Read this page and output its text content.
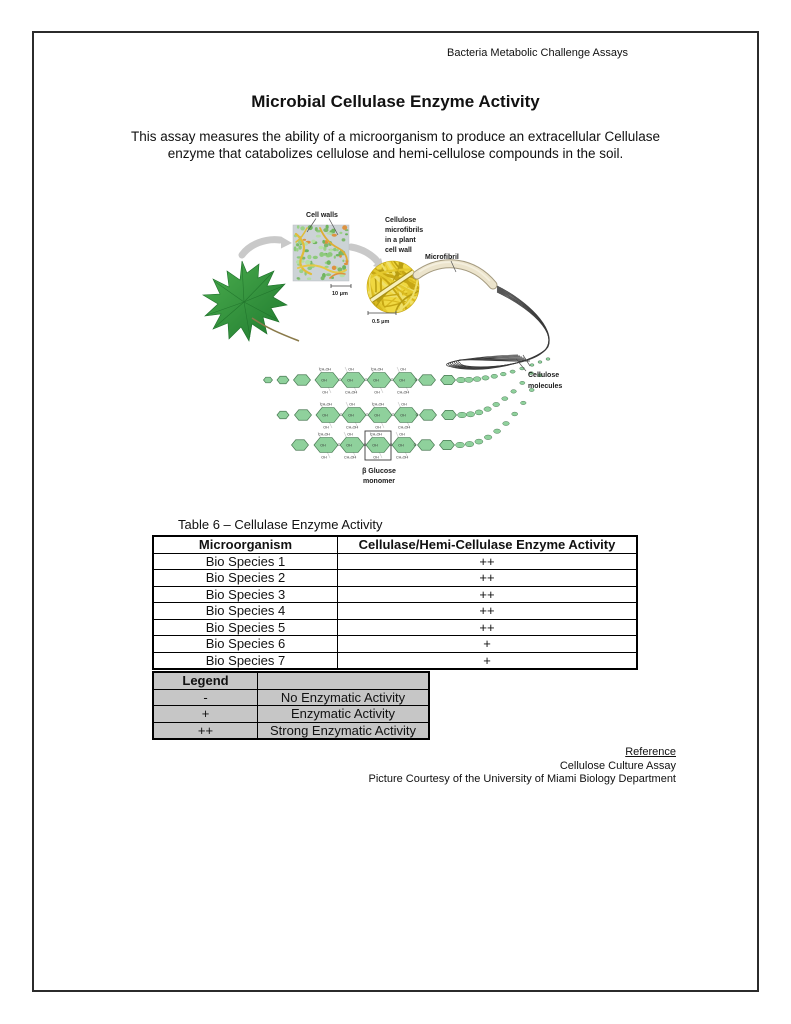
Bacteria Metabolic Challenge Assays
Microbial Cellulase Enzyme Activity

This assay measures the ability of a microorganism to produce an extracellular Cellulase
enzyme that catabolizes cellulose and hemi-cellulose compounds in the soil.

Cell walls
10 μm
0.5 μm
Cellulose
microfibrils
in a plant
cell wall
Microfibril
CH₂OH
OH
OH	O
OH
CH₂OH
OH	O
CH₂OH
OH
OH	O
OH
CH₂OH
OH	O
CH₂OH
OH
OH	O
OH
CH₂OH
OH	O
CH₂OH
OH
OH	O
OH
CH₂OH
OH	O
CH₂OH
OH
OH	O
OH
CH₂OH
OH	O
CH₂OH
OH
OH	O
OH
CH₂OH
OH	O
β Glucose
monomer
Cellulose
molecules
Table 6 – Cellulase Enzyme Activity
Microorganism	Cellulase/Hemi-Cellulase Enzyme Activity
Bio Species 1	++
Bio Species 2	++
Bio Species 3	++
Bio Species 4	++
Bio Species 5	++
Bio Species 6	+
Bio Species 7	+
Legend	
-	No Enzymatic Activity
+	Enzymatic Activity
++	Strong Enzymatic Activity
Reference
Cellulose Culture Assay
Picture Courtesy of the University of Miami Biology Department
